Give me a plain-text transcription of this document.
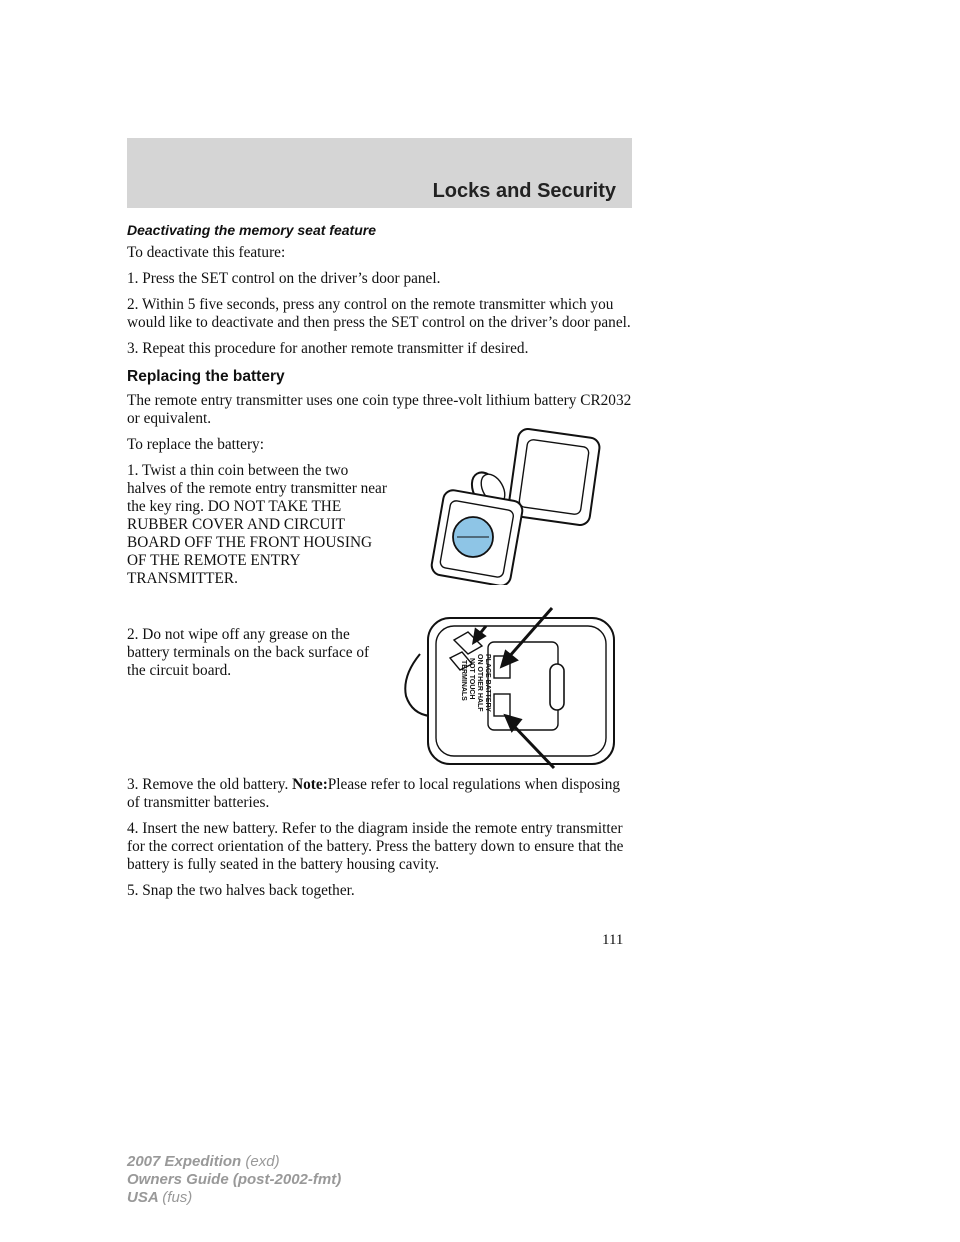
Locks and Security

Deactivating the memory seat feature

To deactivate this feature:

1. Press the SET control on the driver’s door panel.

2. Within 5 five seconds, press any control on the remote transmitter which you would like to deactivate and then press the SET control on the driver’s door panel.

3. Repeat this procedure for another remote transmitter if desired.

Replacing the battery

The remote entry transmitter uses one coin type three-volt lithium battery CR2032 or equivalent.

To replace the battery:

1. Twist a thin coin between the two halves of the remote entry transmitter near the key ring. DO NOT TAKE THE RUBBER COVER AND CIRCUIT BOARD OFF THE FRONT HOUSING OF THE REMOTE ENTRY TRANSMITTER.

2. Do not wipe off any grease on the battery terminals on the back surface of the circuit board.

3. Remove the old battery. Note:Please refer to local regulations when disposing of transmitter batteries.

4. Insert the new battery. Refer to the diagram inside the remote entry transmitter for the correct orientation of the battery. Press the battery down to ensure that the battery is fully seated in the battery housing cavity.

5. Snap the two halves back together.

PLACE BATTERY
ON OTHER HALF
NOT TOUCH
TERMINALS
111
2007 Expedition (exd)
Owners Guide (post-2002-fmt)
USA (fus)
